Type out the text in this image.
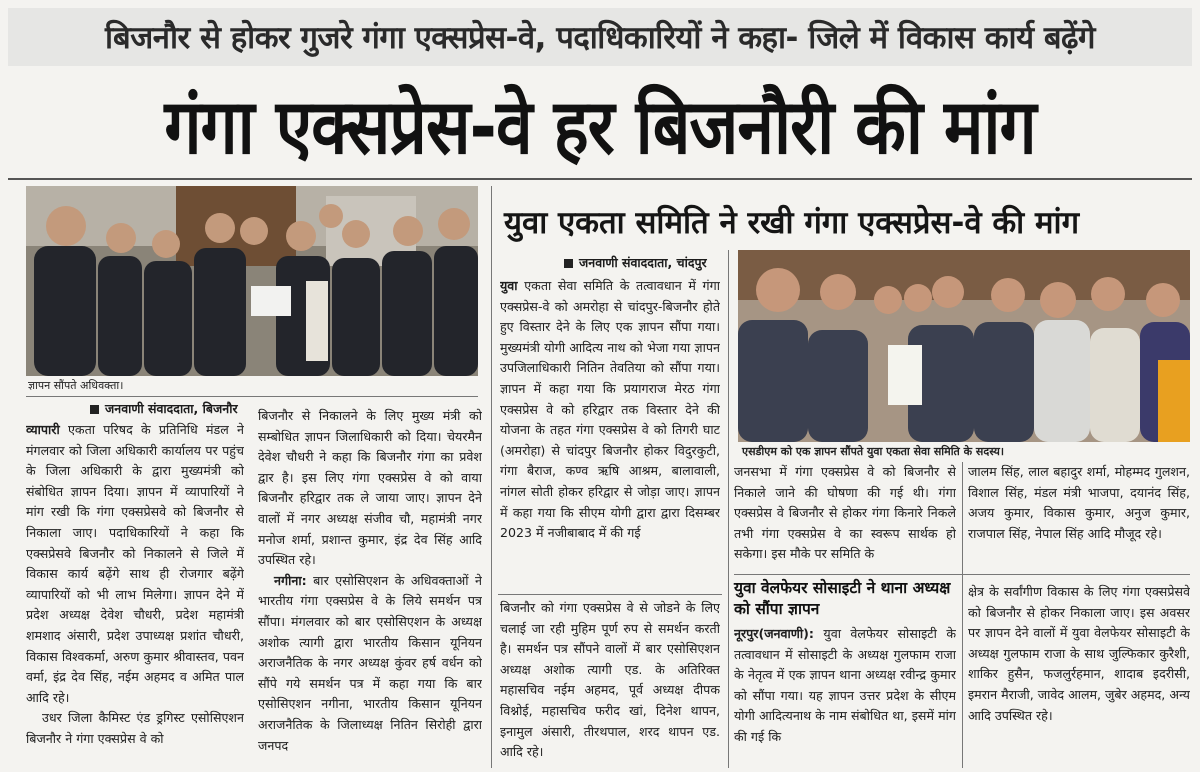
बिजनौर से होकर गुजरे गंगा एक्सप्रेस-वे, पदाधिकारियों ने कहा- जिले में विकास कार्य बढ़ेंगे
गंगा एक्सप्रेस-वे हर बिजनौरी की मांग
ज्ञापन सौंपते अधिवक्ता।
जनवाणी संवाददाता, बिजनौर

व्यापारी एकता परिषद के प्रतिनिधि मंडल ने मंगलवार को जिला अधिकारी कार्यालय पर पहुंच के जिला अधिकारी के द्वारा मुख्यमंत्री को संबोधित ज्ञापन दिया। ज्ञापन में व्यापारियों ने मांग रखी कि गंगा एक्सप्रेसवे को बिजनौर से निकाला जाए। पदाधिकारियों ने कहा कि एक्सप्रेसवे बिजनौर को निकालने से जिले में विकास कार्य बढ़ेंगे साथ ही रोजगार बढ़ेंगे व्यापारियों को भी लाभ मिलेगा। ज्ञापन देने में प्रदेश अध्यक्ष देवेश चौधरी, प्रदेश महामंत्री शमशाद अंसारी, प्रदेश उपाध्यक्ष प्रशांत चौधरी, विकास विश्वकर्मा, अरुण कुमार श्रीवास्तव, पवन वर्मा, इंद्र देव सिंह, नईम अहमद व अमित पाल आदि रहे।

उधर जिला कैमिस्ट एंड ड्रगिस्ट एसोसिएशन बिजनौर ने गंगा एक्सप्रेस वे को

बिजनौर से निकालने के लिए मुख्य मंत्री को सम्बोधित ज्ञापन जिलाधिकारी को दिया। चेयरमैन देवेश चौधरी ने कहा कि बिजनौर गंगा का प्रवेश द्वार है। इस लिए गंगा एक्सप्रेस वे को वाया बिजनौर हरिद्वार तक ले जाया जाए। ज्ञापन देने वालों में नगर अध्यक्ष संजीव चौ, महामंत्री नगर मनोज शर्मा, प्रशान्त कुमार, इंद्र देव सिंह आदि उपस्थित रहे।

नगीना: बार एसोसिएशन के अधिवक्ताओं ने भारतीय गंगा एक्सप्रेस वे के लिये समर्थन पत्र सौंपा। मंगलवार को बार एसोसिएशन के अध्यक्ष अशोक त्यागी द्वारा भारतीय किसान यूनियन अराजनैतिक के नगर अध्यक्ष कुंवर हर्ष वर्धन को सौंपे गये समर्थन पत्र में कहा गया कि बार एसोसिएशन नगीना, भारतीय किसान यूनियन अराजनैतिक के जिलाध्यक्ष नितिन सिरोही द्वारा जनपद

युवा एकता समिति ने रखी गंगा एक्सप्रेस-वे की मांग
जनवाणी संवाददाता, चांदपुर

युवा एकता सेवा समिति के तत्वावधान में गंगा एक्सप्रेस-वे को अमरोहा से चांदपुर-बिजनौर होते हुए विस्तार देने के लिए एक ज्ञापन सौंपा गया। मुख्यमंत्री योगी आदित्य नाथ को भेजा गया ज्ञापन उपजिलाधिकारी नितिन तेवतिया को सौंपा गया। ज्ञापन में कहा गया कि प्रयागराज मेरठ गंगा एक्सप्रेस वे को हरिद्वार तक विस्तार देने की योजना के तहत गंगा एक्सप्रेस वे को तिगरी घाट (अमरोहा) से चांदपुर बिजनौर होकर विदुरकुटी, गंगा बैराज, कण्व ऋषि आश्रम, बालावाली, नांगल सोती होकर हरिद्वार से जोड़ा जाए। ज्ञापन में कहा गया कि सीएम योगी द्वारा द्वारा दिसम्बर 2023 में नजीबाबाद में की गई

बिजनौर को गंगा एक्सप्रेस वे से जोडने के लिए चलाई जा रही मुहिम पूर्ण रुप से समर्थन करती है। समर्थन पत्र सौंपने वालों में बार एसोसिएशन अध्यक्ष अशोक त्यागी एड. के अतिरिक्त महासचिव नईम अहमद, पूर्व अध्यक्ष दीपक विश्नोई, महासचिव फरीद खां, दिनेश थापन, इनामुल अंसारी, तीरथपाल, शरद थापन एड. आदि रहे।

एसडीएम को एक ज्ञापन सौंपते युवा एकता सेवा समिति के सदस्य।

जनसभा में गंगा एक्सप्रेस वे को बिजनौर से निकाले जाने की घोषणा की गई थी। गंगा एक्सप्रेस वे बिजनौर से होकर गंगा किनारे निकले तभी गंगा एक्सप्रेस वे का स्वरूप सार्थक हो सकेगा। इस मौके पर समिति के

जालम सिंह, लाल बहादुर शर्मा, मोहम्मद गुलशन, विशाल सिंह, मंडल मंत्री भाजपा, दयानंद सिंह, अजय कुमार, विकास कुमार, अनुज कुमार, राजपाल सिंह, नेपाल सिंह आदि मौजूद रहे।

युवा वेलफेयर सोसाइटी ने थाना अध्यक्ष को सौंपा ज्ञापन

नूरपुर(जनवाणी): युवा वेलफेयर सोसाइटी के तत्वावधान में सोसाइटी के अध्यक्ष गुलफाम राजा के नेतृत्व में एक ज्ञापन थाना अध्यक्ष रवीन्द्र कुमार को सौंपा गया। यह ज्ञापन उत्तर प्रदेश के सीएम योगी आदित्यनाथ के नाम संबोधित था, इसमें मांग की गई कि

क्षेत्र के सर्वांगीण विकास के लिए गंगा एक्सप्रेसवे को बिजनौर से होकर निकाला जाए। इस अवसर पर ज्ञापन देने वालों में युवा वेलफेयर सोसाइटी के अध्यक्ष गुलफाम राजा के साथ जुल्फिकार कुरैशी, शाकिर हुसैन, फजलुर्रहमान, शादाब इदरीसी, इमरान मैराजी, जावेद आलम, जुबेर अहमद, अन्य आदि उपस्थित रहे।
